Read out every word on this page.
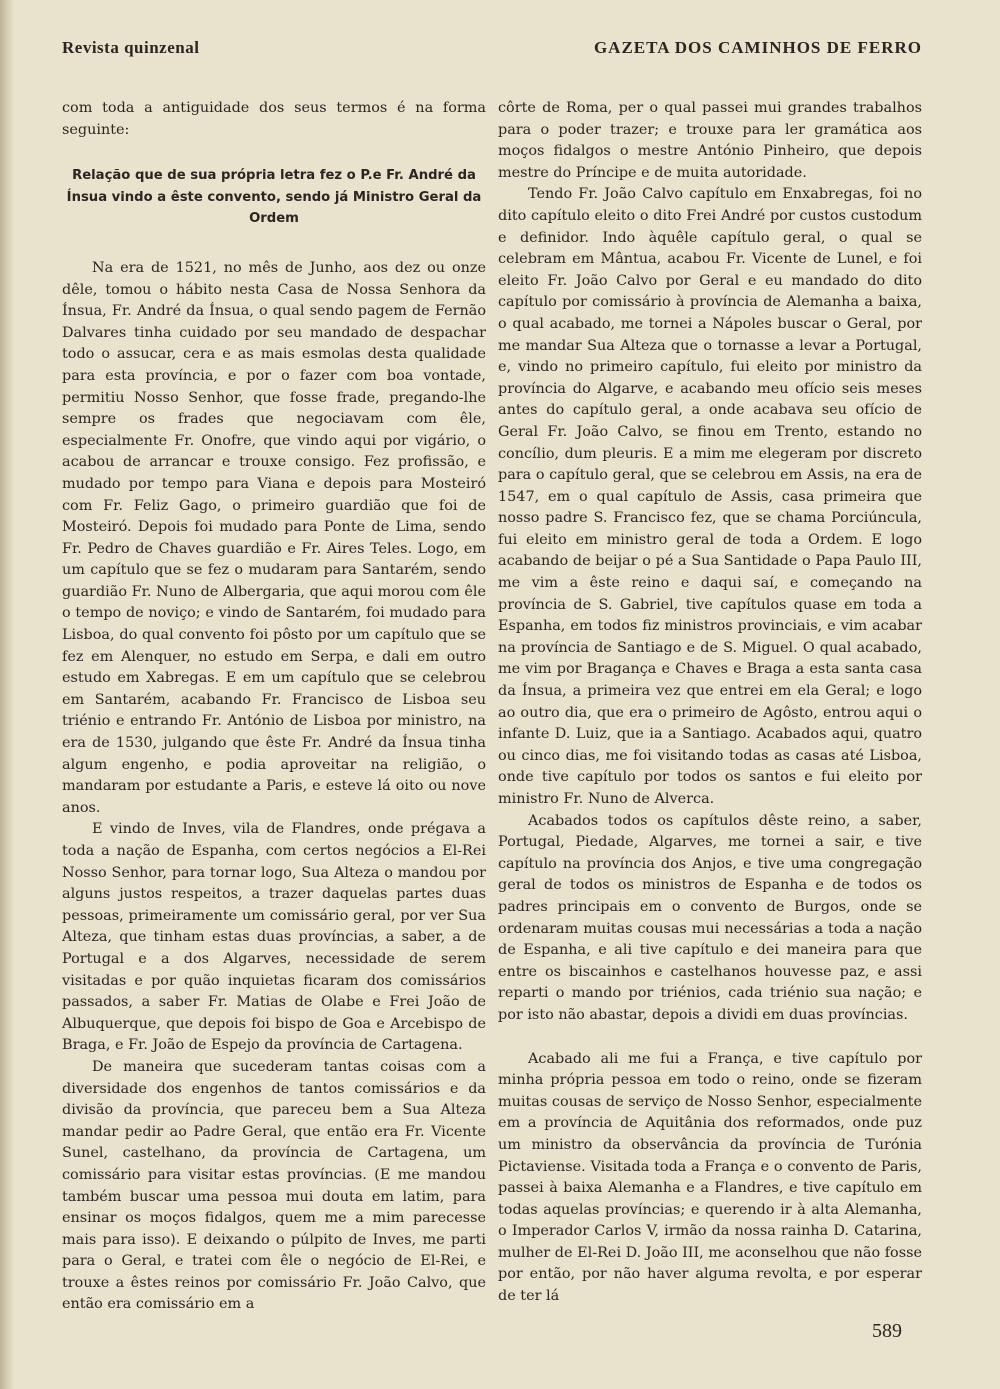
Revista quinzenal	GAZETA DOS CAMINHOS DE FERRO

com toda a antiguidade dos seus termos é na forma seguinte:

Relação que de sua própria letra fez o P.e Fr. André da Ínsua vindo a êste convento, sendo já Ministro Geral da Ordem

Na era de 1521, no mês de Junho, aos dez ou onze dêle, tomou o hábito nesta Casa de Nossa Senhora da Ínsua, Fr. André da Ínsua, o qual sendo pagem de Fernão Dalvares tinha cuidado por seu mandado de despachar todo o assucar, cera e as mais esmolas desta qualidade para esta província, e por o fazer com boa vontade, permitiu Nosso Senhor, que fosse frade, pregando-lhe sempre os frades que negociavam com êle, especialmente Fr. Onofre, que vindo aqui por vigário, o acabou de arrancar e trouxe consigo. Fez profissão, e mudado por tempo para Viana e depois para Mosteiró com Fr. Feliz Gago, o primeiro guardião que foi de Mosteiró. Depois foi mudado para Ponte de Lima, sendo Fr. Pedro de Chaves guardião e Fr. Aires Teles. Logo, em um capítulo que se fez o mudaram para Santarém, sendo guardião Fr. Nuno de Albergaria, que aqui morou com êle o tempo de noviço; e vindo de Santarém, foi mudado para Lisboa, do qual convento foi pôsto por um capítulo que se fez em Alenquer, no estudo em Serpa, e dali em outro estudo em Xabregas. E em um capítulo que se celebrou em Santarém, acabando Fr. Francisco de Lisboa seu triénio e entrando Fr. António de Lisboa por ministro, na era de 1530, julgando que êste Fr. André da Ínsua tinha algum engenho, e podia aproveitar na religião, o mandaram por estudante a Paris, e esteve lá oito ou nove anos.

E vindo de Inves, vila de Flandres, onde prégava a toda a nação de Espanha, com certos negócios a El-Rei Nosso Senhor, para tornar logo, Sua Alteza o mandou por alguns justos respeitos, a trazer daquelas partes duas pessoas, primeiramente um comissário geral, por ver Sua Alteza, que tinham estas duas províncias, a saber, a de Portugal e a dos Algarves, necessidade de serem visitadas e por quão inquietas ficaram dos comissários passados, a saber Fr. Matias de Olabe e Frei João de Albuquerque, que depois foi bispo de Goa e Arcebispo de Braga, e Fr. João de Espejo da província de Cartagena.

De maneira que sucederam tantas coisas com a diversidade dos engenhos de tantos comissários e da divisão da província, que pareceu bem a Sua Alteza mandar pedir ao Padre Geral, que então era Fr. Vicente Sunel, castelhano, da província de Cartagena, um comissário para visitar estas províncias. (E me mandou também buscar uma pessoa mui douta em latim, para ensinar os moços fidalgos, quem me a mim parecesse mais para isso). E deixando o púlpito de Inves, me parti para o Geral, e tratei com êle o negócio de El-Rei, e trouxe a êstes reinos por comissário Fr. João Calvo, que então era comissário em a

côrte de Roma, per o qual passei mui grandes trabalhos para o poder trazer; e trouxe para ler gramática aos moços fidalgos o mestre António Pinheiro, que depois mestre do Príncipe e de muita autoridade.

Tendo Fr. João Calvo capítulo em Enxabregas, foi no dito capítulo eleito o dito Frei André por custos custodum e definidor. Indo àquêle capítulo geral, o qual se celebram em Mântua, acabou Fr. Vicente de Lunel, e foi eleito Fr. João Calvo por Geral e eu mandado do dito capítulo por comissário à província de Alemanha a baixa, o qual acabado, me tornei a Nápoles buscar o Geral, por me mandar Sua Alteza que o tornasse a levar a Portugal, e, vindo no primeiro capítulo, fui eleito por ministro da província do Algarve, e acabando meu ofício seis meses antes do capítulo geral, a onde acabava seu ofício de Geral Fr. João Calvo, se finou em Trento, estando no concílio, dum pleuris. E a mim me elegeram por discreto para o capítulo geral, que se celebrou em Assis, na era de 1547, em o qual capítulo de Assis, casa primeira que nosso padre S. Francisco fez, que se chama Porciúncula, fui eleito em ministro geral de toda a Ordem. E logo acabando de beijar o pé a Sua Santidade o Papa Paulo III, me vim a êste reino e daqui saí, e começando na província de S. Gabriel, tive capítulos quase em toda a Espanha, em todos fiz ministros provinciais, e vim acabar na província de Santiago e de S. Miguel. O qual acabado, me vim por Bragança e Chaves e Braga a esta santa casa da Ínsua, a primeira vez que entrei em ela Geral; e logo ao outro dia, que era o primeiro de Agôsto, entrou aqui o infante D. Luiz, que ia a Santiago. Acabados aqui, quatro ou cinco dias, me foi visitando todas as casas até Lisboa, onde tive capítulo por todos os santos e fui eleito por ministro Fr. Nuno de Alverca.

Acabados todos os capítulos dêste reino, a saber, Portugal, Piedade, Algarves, me tornei a sair, e tive capítulo na província dos Anjos, e tive uma congregação geral de todos os ministros de Espanha e de todos os padres principais em o convento de Burgos, onde se ordenaram muitas cousas mui necessárias a toda a nação de Espanha, e ali tive capítulo e dei maneira para que entre os biscainhos e castelhanos houvesse paz, e assi reparti o mando por triénios, cada triénio sua nação; e por isto não abastar, depois a dividi em duas províncias.

Acabado ali me fui a França, e tive capítulo por minha própria pessoa em todo o reino, onde se fizeram muitas cousas de serviço de Nosso Senhor, especialmente em a província de Aquitânia dos reformados, onde puz um ministro da observância da província de Turónia Pictaviense. Visitada toda a França e o convento de Paris, passei à baixa Alemanha e a Flandres, e tive capítulo em todas aquelas províncias; e querendo ir à alta Alemanha, o Imperador Carlos V, irmão da nossa rainha D. Catarina, mulher de El-Rei D. João III, me aconselhou que não fosse por então, por não haver alguma revolta, e por esperar de ter lá

589
